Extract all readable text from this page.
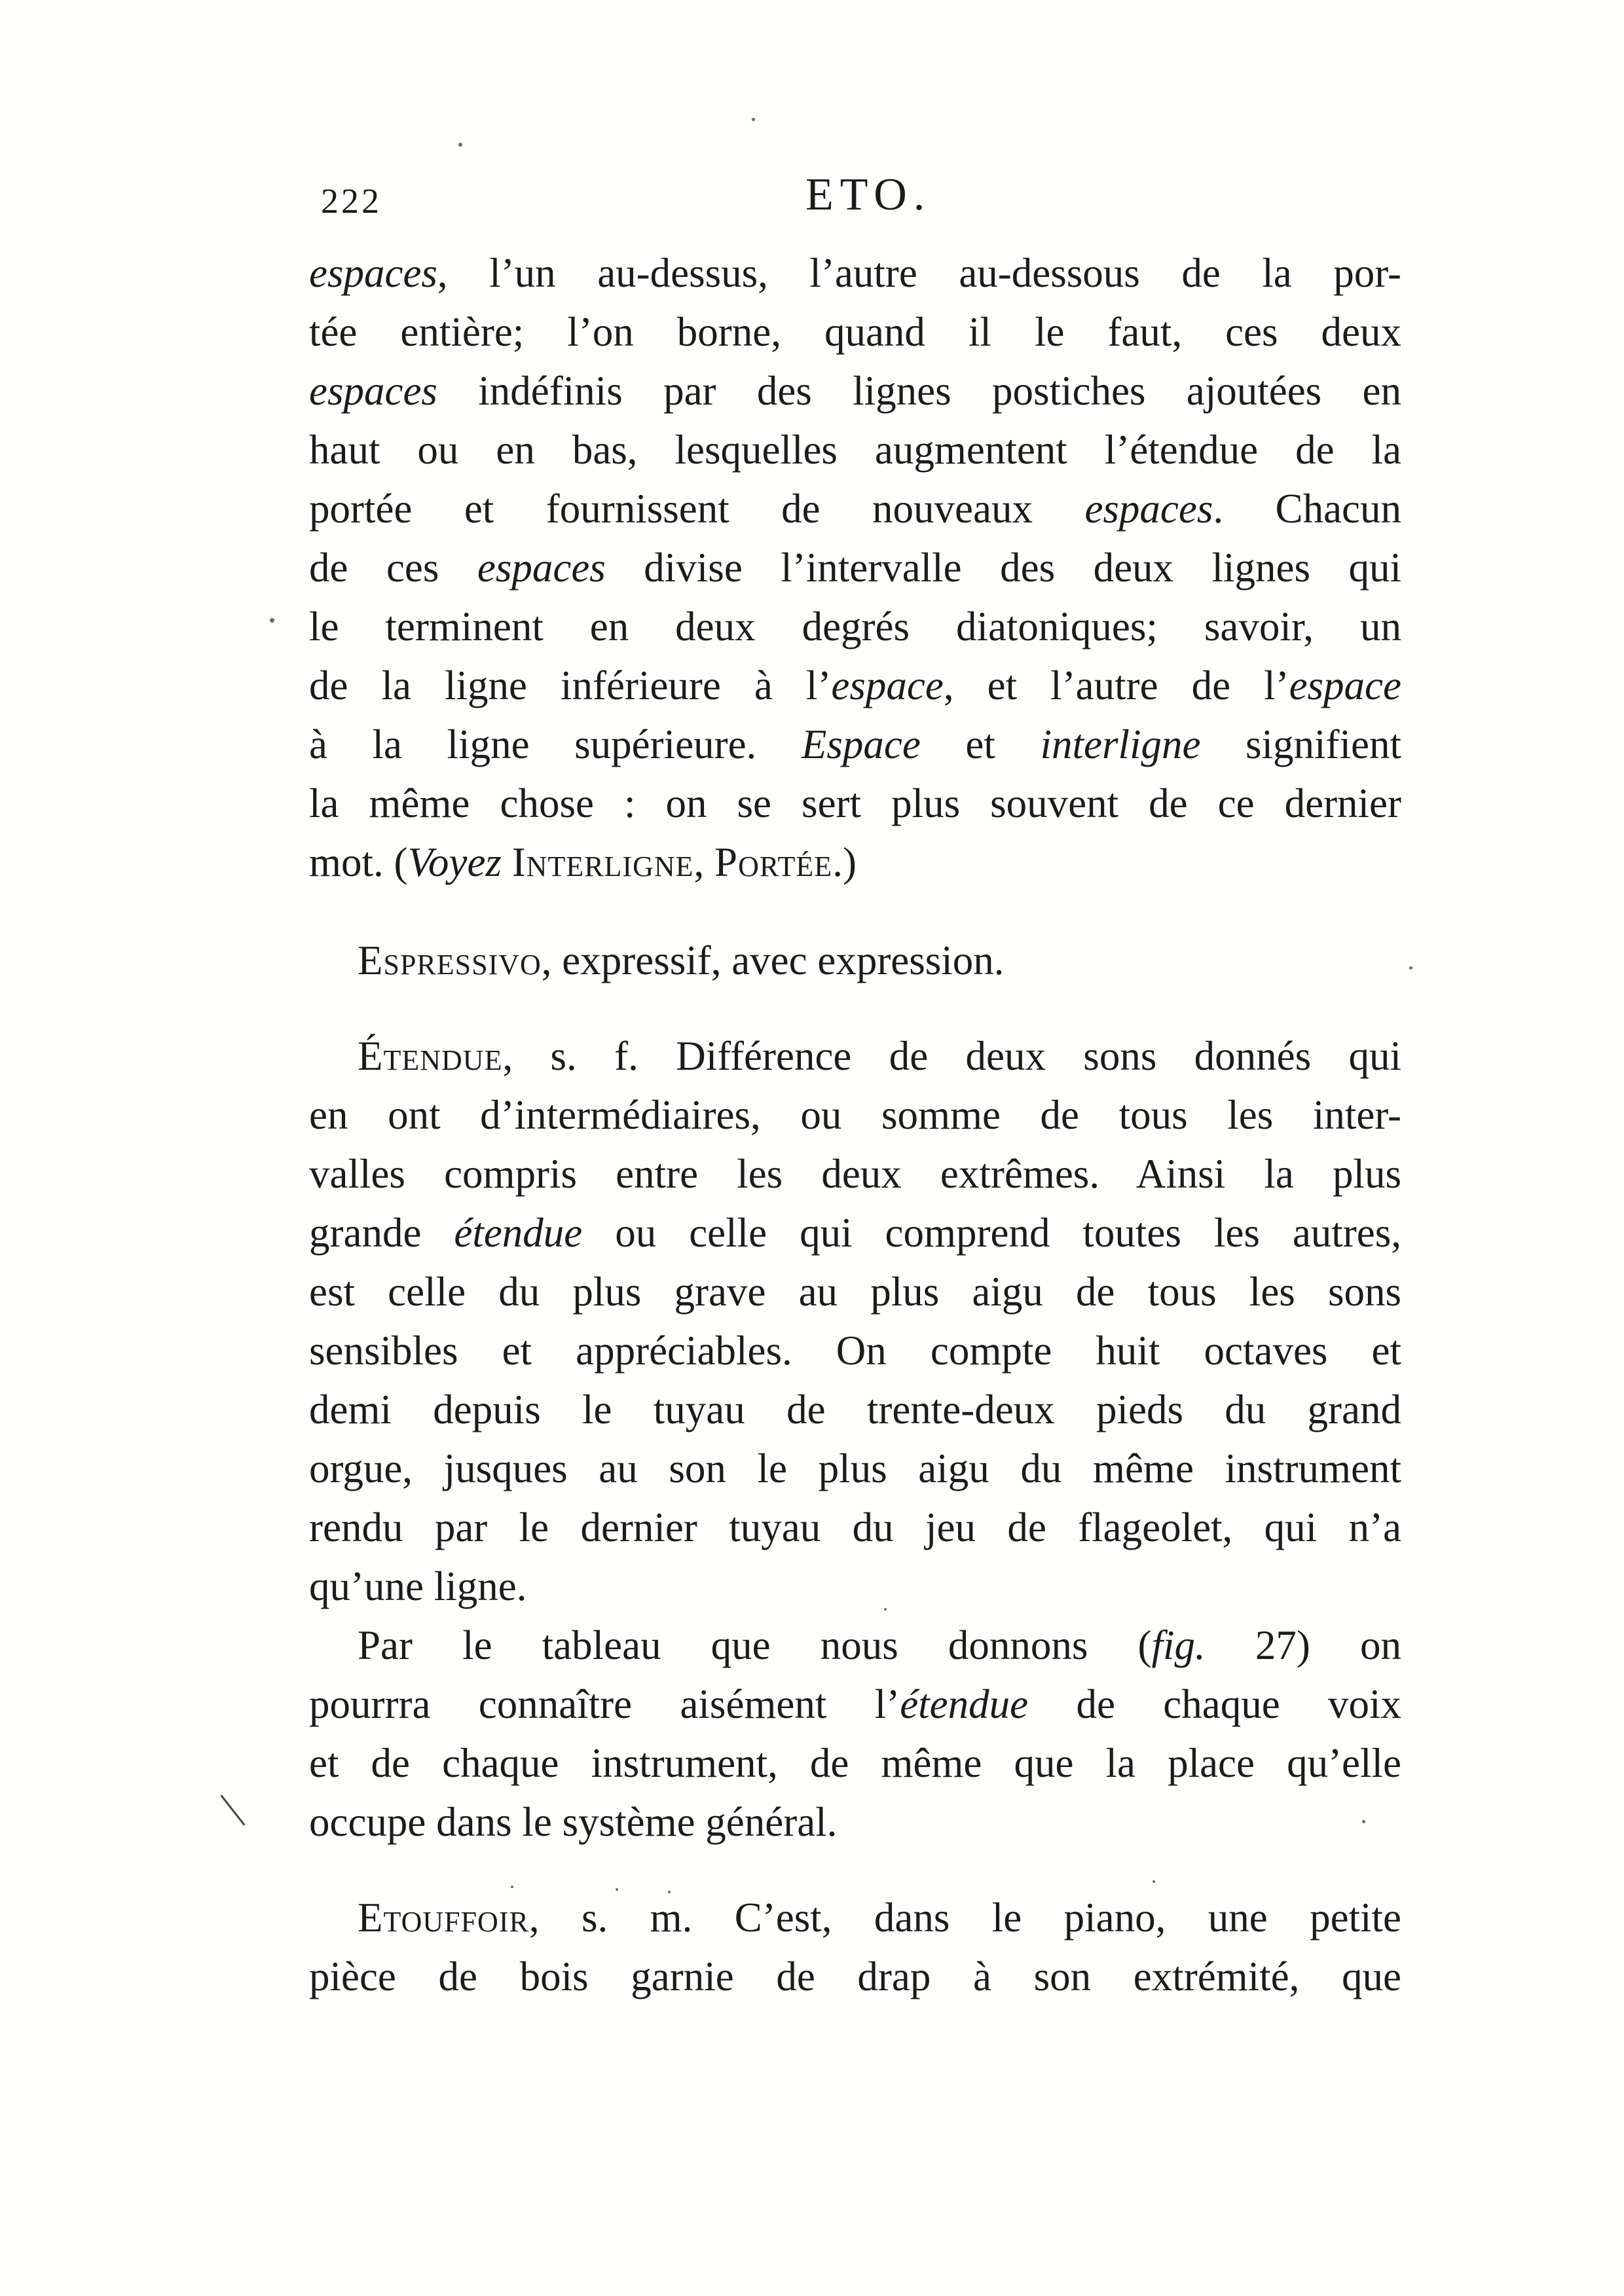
222	ETO.
espaces, l’un au-dessus, l’autre au-dessous de la por-
tée entière; l’on borne, quand il le faut, ces deux
espaces indéfinis par des lignes postiches ajoutées en
haut ou en bas, lesquelles augmentent l’étendue de la
portée et fournissent de nouveaux espaces. Chacun
de ces espaces divise l’intervalle des deux lignes qui
le terminent en deux degrés diatoniques; savoir, un
de la ligne inférieure à l’espace, et l’autre de l’espace
à la ligne supérieure. Espace et interligne signifient
la même chose : on se sert plus souvent de ce dernier
mot. (Voyez Interligne, Portée.)
Espressivo, expressif, avec expression.
Étendue, s. f. Différence de deux sons donnés qui
en ont d’intermédiaires, ou somme de tous les inter-
valles compris entre les deux extrêmes. Ainsi la plus
grande étendue ou celle qui comprend toutes les autres,
est celle du plus grave au plus aigu de tous les sons
sensibles et appréciables. On compte huit octaves et
demi depuis le tuyau de trente-deux pieds du grand
orgue, jusques au son le plus aigu du même instrument
rendu par le dernier tuyau du jeu de flageolet, qui n’a
qu’une ligne.
Par le tableau que nous donnons (fig. 27) on
pourrra connaître aisément l’étendue de chaque voix
et de chaque instrument, de même que la place qu’elle
occupe dans le système général.
Etouffoir, s. m. C’est, dans le piano, une petite
pièce de bois garnie de drap à son extrémité, que
